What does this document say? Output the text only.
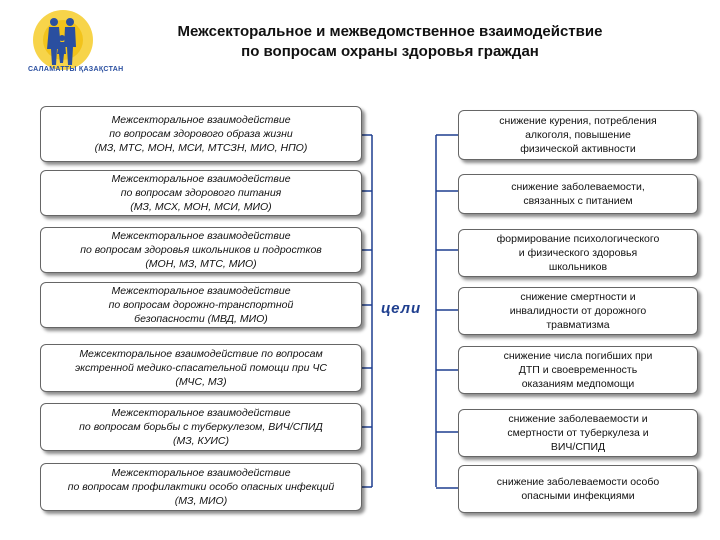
САЛАМАТТЫ ҚАЗАҚСТАН
Межсекторальное и межведомственное взаимодействие
по вопросам охраны здоровья граждан
цели
Межсекторальное взаимодействие
по вопросам здорового образа жизни
(МЗ, МТС, МОН, МСИ, МТСЗН, МИО, НПО)
Межсекторальное взаимодействие
по вопросам здорового питания
(МЗ, МСХ, МОН, МСИ, МИО)
Межсекторальное взаимодействие
по вопросам здоровья школьников и подростков
(МОН, МЗ, МТС, МИО)
Межсекторальное взаимодействие
по вопросам дорожно-транспортной
безопасности (МВД, МИО)
Межсекторальное взаимодействие по вопросам
экстренной медико-спасательной помощи при ЧС
(МЧС, МЗ)
Межсекторальное взаимодействие
по вопросам борьбы с туберкулезом, ВИЧ/СПИД
(МЗ, КУИС)
Межсекторальное взаимодействие
по вопросам профилактики особо опасных инфекций
(МЗ, МИО)
снижение курения, потребления
алкоголя, повышение
физической активности
снижение заболеваемости,
связанных с питанием
формирование психологического
и физического здоровья
школьников
снижение смертности и
инвалидности от дорожного
травматизма
снижение числа погибших при
ДТП и своевременность
оказаниям медпомощи
снижение заболеваемости и
смертности от туберкулеза и
ВИЧ/СПИД
снижение заболеваемости особо
опасными инфекциями
